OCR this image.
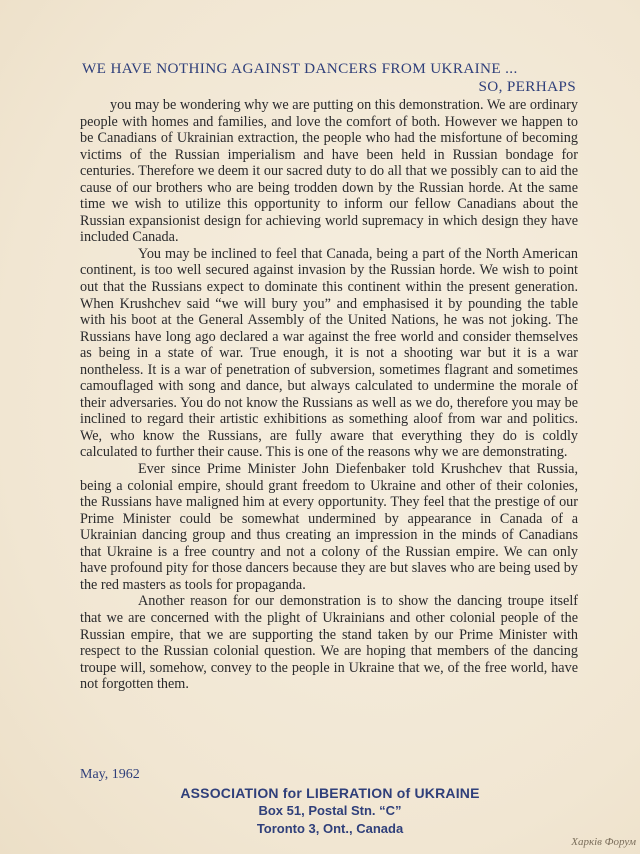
WE HAVE NOTHING AGAINST DANCERS FROM UKRAINE ...
SO, PERHAPS

you may be wondering why we are putting on this demonstration. We are ordinary people with homes and families, and love the comfort of both. However we happen to be Canadians of Ukrainian extraction, the people who had the misfortune of becoming victims of the Russian imperialism and have been held in Russian bondage for centuries. Therefore we deem it our sacred duty to do all that we possibly can to aid the cause of our brothers who are being trodden down by the Russian horde. At the same time we wish to utilize this opportunity to inform our fellow Canadians about the Russian expansionist design for achieving world supremacy in which design they have included Canada.

You may be inclined to feel that Canada, being a part of the North American continent, is too well secured against invasion by the Russian horde. We wish to point out that the Russians expect to dominate this continent within the present generation. When Krushchev said “we will bury you” and emphasised it by pounding the table with his boot at the General Assembly of the United Nations, he was not joking. The Russians have long ago declared a war against the free world and consider themselves as being in a state of war. True enough, it is not a shooting war but it is a war nontheless. It is a war of penetration of subversion, sometimes flagrant and sometimes camouflaged with song and dance, but always calculated to undermine the morale of their adversaries. You do not know the Russians as well as we do, therefore you may be inclined to regard their artistic exhibitions as something aloof from war and politics. We, who know the Russians, are fully aware that everything they do is coldly calculated to further their cause. This is one of the reasons why we are demonstrating.

Ever since Prime Minister John Diefenbaker told Krushchev that Russia, being a colonial empire, should grant freedom to Ukraine and other of their colonies, the Russians have maligned him at every opportunity. They feel that the prestige of our Prime Minister could be somewhat undermined by appearance in Canada of a Ukrainian dancing group and thus creating an impression in the minds of Canadians that Ukraine is a free country and not a colony of the Russian empire. We can only have profound pity for those dancers because they are but slaves who are being used by the red masters as tools for propaganda.

Another reason for our demonstration is to show the dancing troupe itself that we are concerned with the plight of Ukrainians and other colonial people of the Russian empire, that we are supporting the stand taken by our Prime Minister with respect to the Russian colonial question. We are hoping that members of the dancing troupe will, somehow, convey to the people in Ukraine that we, of the free world, have not forgotten them.

May, 1962
ASSOCIATION for LIBERATION of UKRAINE
Box 51, Postal Stn. “C”
Toronto 3, Ont., Canada
Харків Форум
